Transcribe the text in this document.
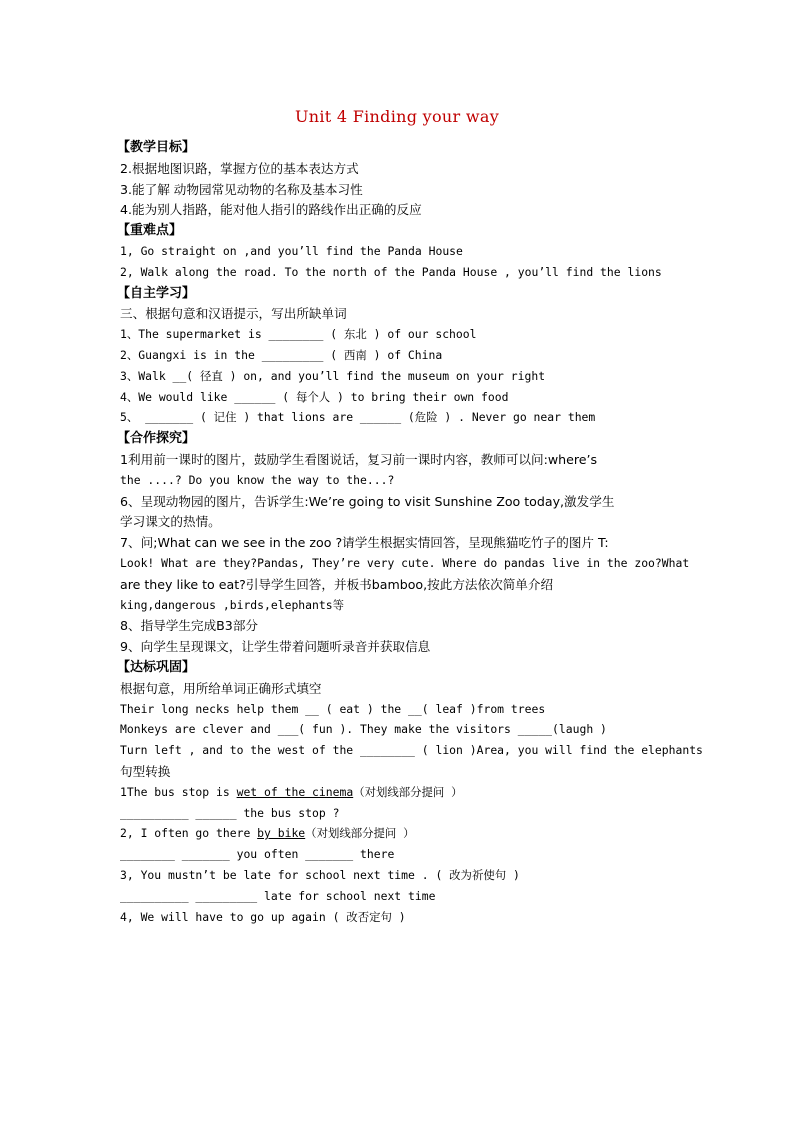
Unit 4 Finding your way
【教学目标】
2.根据地图识路，掌握方位的基本表达方式
3.能了解 动物园常见动物的名称及基本习性
4.能为别人指路，能对他人指引的路线作出正确的反应
【重难点】
1, Go straight on ,and you’ll find the Panda House
2, Walk along the road. To the north of the Panda House , you’ll find the lions
【自主学习】
三、根据句意和汉语提示，写出所缺单词
1、The supermarket is ________ ( 东北 ) of our school
2、Guangxi is in the _________ ( 西南 ) of China
3、Walk __( 径直 ) on, and you’ll find the museum on your right
4、We would like ______ ( 每个人 ) to bring their own food
5、 _______ ( 记住 ) that lions are ______ (危险 ) . Never go near them
【合作探究】
1利用前一课时的图片，鼓励学生看图说话，复习前一课时内容，教师可以问:where’s
the ....? Do you know the way to the...?
6、呈现动物园的图片，告诉学生:We’re going to visit Sunshine Zoo today,激发学生
学习课文的热情。
7、问;What can we see in the zoo ?请学生根据实情回答，呈现熊猫吃竹子的图片 T:
Look! What are they?Pandas, They’re very cute. Where do pandas live in the zoo?What
are they like to eat?引导学生回答，并板书bamboo,按此方法依次简单介绍
king,dangerous ,birds,elephants等
8、指导学生完成B3部分
9、向学生呈现课文，让学生带着问题听录音并获取信息
【达标巩固】
根据句意，用所给单词正确形式填空
Their long necks help them __ ( eat ) the __( leaf )from trees
Monkeys are clever and ___( fun ). They make the visitors _____(laugh )
Turn left , and to the west of the ________ ( lion )Area, you will find the elephants
句型转换
1The bus stop is wet of the cinema（对划线部分提问 ）
__________ ______ the bus stop ?
2, I often go there by bike（对划线部分提问 ）
________ _______ you often _______ there
3, You mustn’t be late for school next time . ( 改为祈使句 )
__________ _________ late for school next time
4, We will have to go up again ( 改否定句 )
